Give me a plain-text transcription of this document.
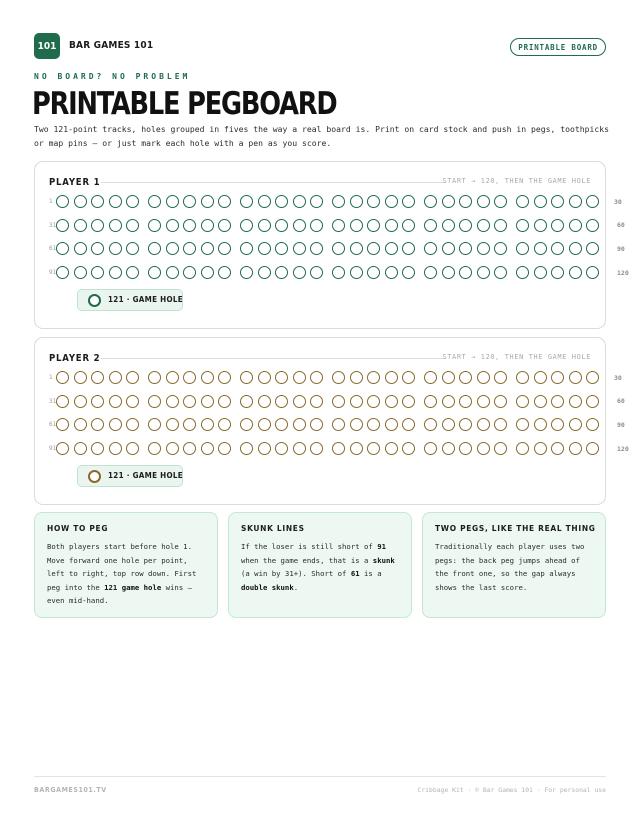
101	BAR GAMES 101	PRINTABLE BOARD
NO BOARD? NO PROBLEM
PRINTABLE PEGBOARD

Two 121-point tracks, holes grouped in fives the way a real board is. Print on card stock and push in pegs, toothpicks or map pins — or just mark each hole with a pen as you score.

PLAYER 1	START → 120, THEN THE GAME HOLE
1
31
61
91
30
60
90
120
121 · GAME HOLE
PLAYER 2	START → 120, THEN THE GAME HOLE
1
31
61
91
30
60
90
120
121 · GAME HOLE
HOW TO PEG
Both players start before hole 1. Move forward one hole per point, left to right, top row down. First peg into the 121 game hole wins — even mid-hand.
SKUNK LINES
If the loser is still short of 91 when the game ends, that is a skunk (a win by 31+). Short of 61 is a double skunk.
TWO PEGS, LIKE THE REAL THING
Traditionally each player uses two pegs: the back peg jumps ahead of the front one, so the gap always shows the last score.
BARGAMES101.TV	Cribbage Kit · © Bar Games 101 · For personal use
